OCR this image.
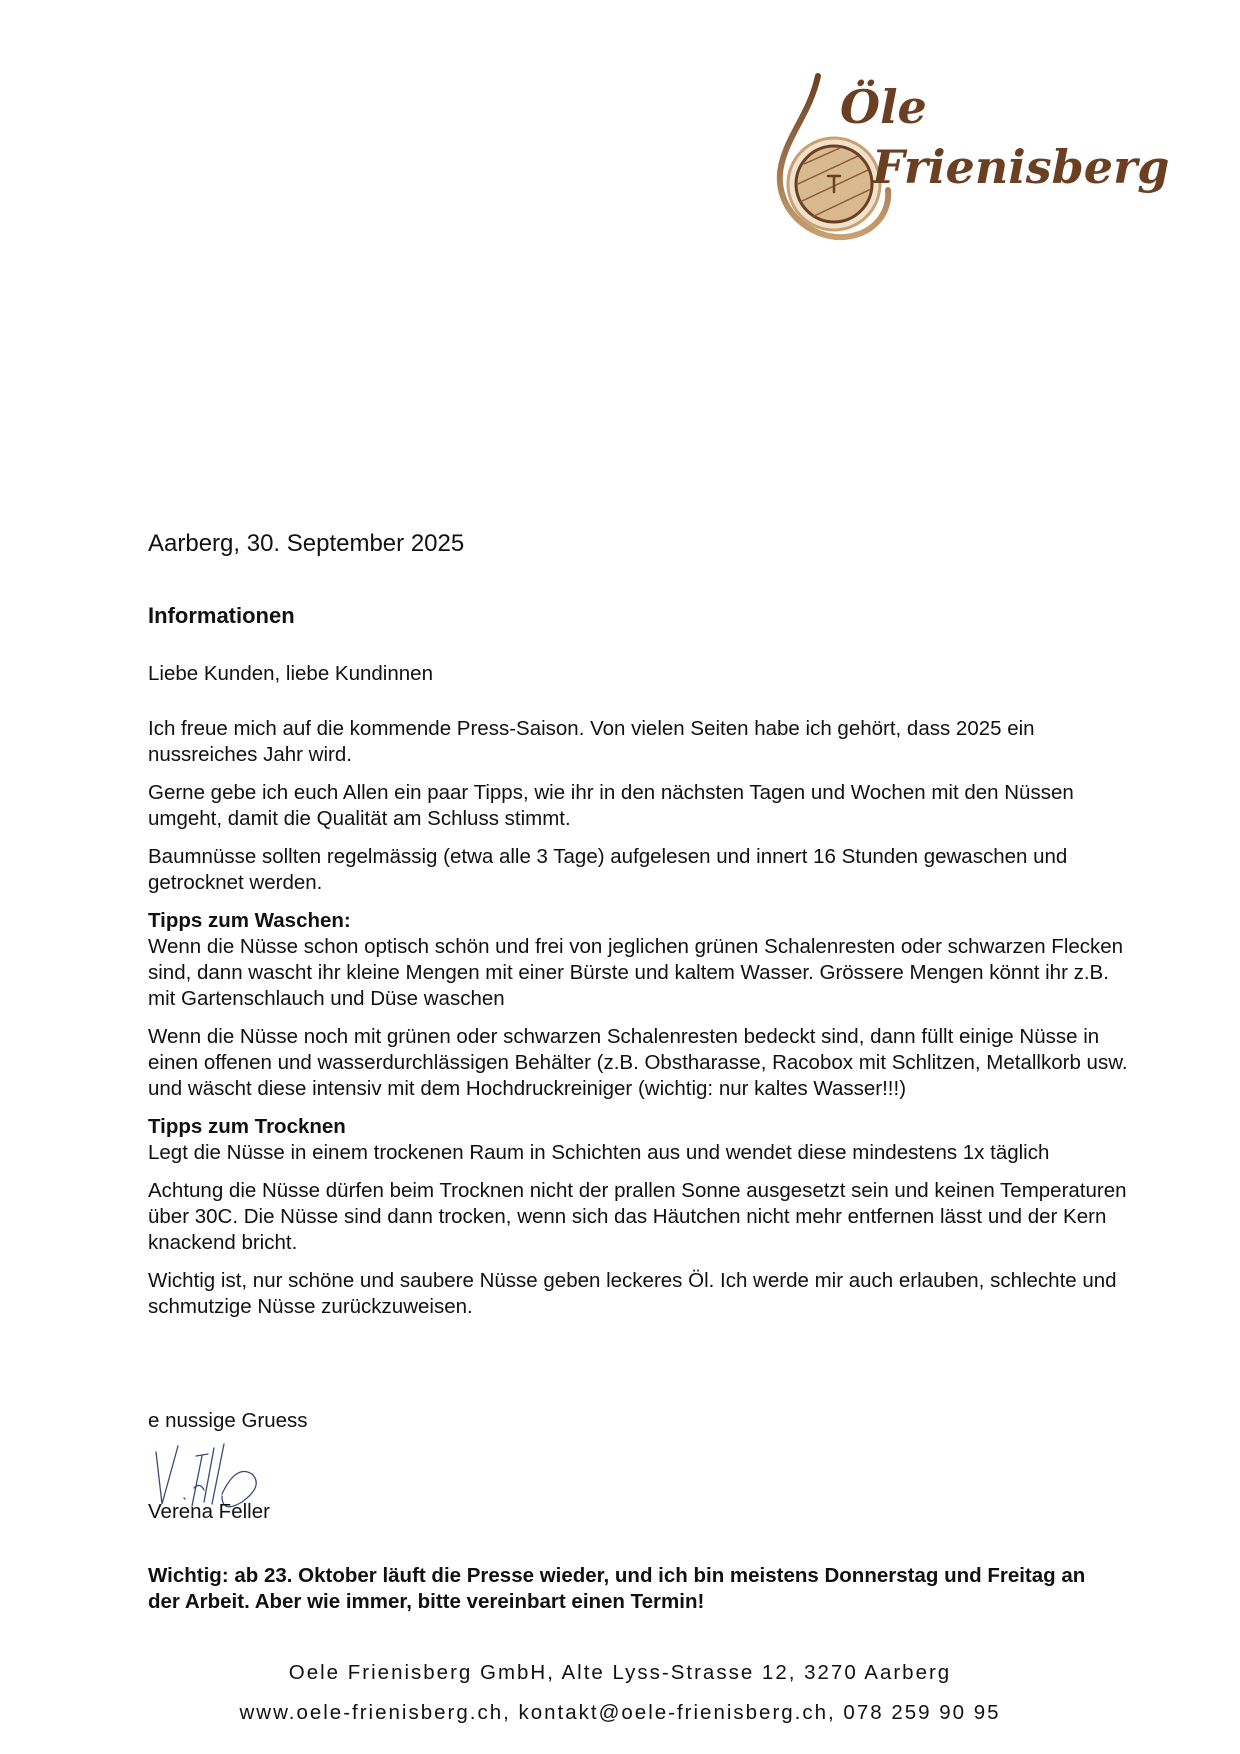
Öle
Frienisberg
Aarberg, 30. September 2025
Informationen
Liebe Kunden, liebe Kundinnen

Ich freue mich auf die kommende Press-Saison. Von vielen Seiten habe ich gehört, dass 2025 ein nussreiches Jahr wird.

Gerne gebe ich euch Allen ein paar Tipps, wie ihr in den nächsten Tagen und Wochen mit den Nüssen umgeht, damit die Qualität am Schluss stimmt.

Baumnüsse sollten regelmässig (etwa alle 3 Tage) aufgelesen und innert 16 Stunden gewaschen und getrocknet werden.

Tipps zum Waschen:
Wenn die Nüsse schon optisch schön und frei von jeglichen grünen Schalenresten oder schwarzen Flecken sind, dann wascht ihr kleine Mengen mit einer Bürste und kaltem Wasser. Grössere Mengen könnt ihr z.B. mit Gartenschlauch und Düse waschen

Wenn die Nüsse noch mit grünen oder schwarzen Schalenresten bedeckt sind, dann füllt einige Nüsse in einen offenen und wasserdurchlässigen Behälter (z.B. Obstharasse, Racobox mit Schlitzen, Metallkorb usw. und wäscht diese intensiv mit dem Hochdruckreiniger (wichtig: nur kaltes Wasser!!!)

Tipps zum Trocknen
Legt die Nüsse in einem trockenen Raum in Schichten aus und wendet diese mindestens 1x täglich

Achtung die Nüsse dürfen beim Trocknen nicht der prallen Sonne ausgesetzt sein und keinen Temperaturen über 30C. Die Nüsse sind dann trocken, wenn sich das Häutchen nicht mehr entfernen lässt und der Kern knackend bricht.

Wichtig ist, nur schöne und saubere Nüsse geben leckeres Öl. Ich werde mir auch erlauben, schlechte und schmutzige Nüsse zurückzuweisen.

e nussige Gruess
Verena Feller
Wichtig: ab 23. Oktober läuft die Presse wieder, und ich bin meistens Donnerstag und Freitag an der Arbeit. Aber wie immer, bitte vereinbart einen Termin!
Oele Frienisberg GmbH, Alte Lyss-Strasse 12, 3270 Aarberg
www.oele-frienisberg.ch, kontakt@oele-frienisberg.ch, 078 259 90 95
